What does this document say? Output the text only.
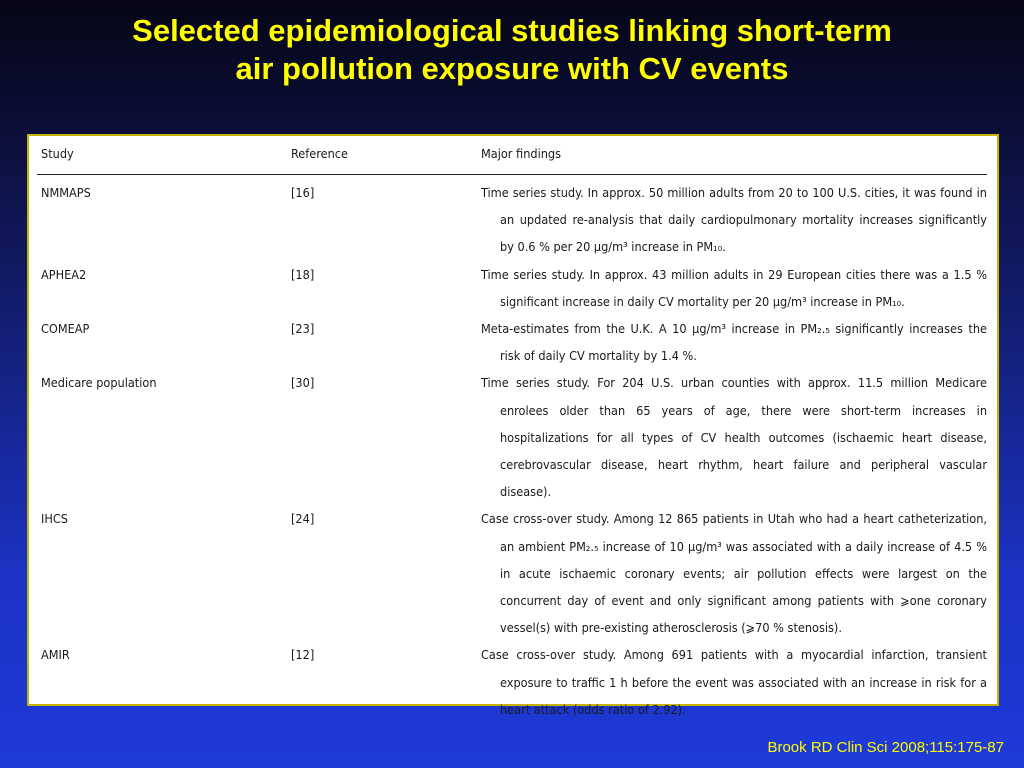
Selected epidemiological studies linking short-term
air pollution exposure with CV events
Study	Reference	Major findings
NMMAPS	[16]	Time series study. In approx. 50 million adults from 20 to 100 U.S. cities, it was found in an updated re-analysis that daily cardiopulmonary mortality increases significantly by 0.6 % per 20 μg/m³ increase in PM₁₀.
APHEA2	[18]	Time series study. In approx. 43 million adults in 29 European cities there was a 1.5 % significant increase in daily CV mortality per 20 μg/m³ increase in PM₁₀.
COMEAP	[23]	Meta-estimates from the U.K. A 10 μg/m³ increase in PM₂.₅ significantly increases the risk of daily CV mortality by 1.4 %.
Medicare population	[30]	Time series study. For 204 U.S. urban counties with approx. 11.5 million Medicare enrolees older than 65 years of age, there were short-term increases in hospitalizations for all types of CV health outcomes (ischaemic heart disease, cerebrovascular disease, heart rhythm, heart failure and peripheral vascular disease).
IHCS	[24]	Case cross-over study. Among 12 865 patients in Utah who had a heart catheterization, an ambient PM₂.₅ increase of 10 μg/m³ was associated with a daily increase of 4.5 % in acute ischaemic coronary events; air pollution effects were largest on the concurrent day of event and only significant among patients with ⩾one coronary vessel(s) with pre-existing atherosclerosis (⩾70 % stenosis).
AMIR	[12]	Case cross-over study. Among 691 patients with a myocardial infarction, transient exposure to traffic 1 h before the event was associated with an increase in risk for a heart attack (odds ratio of 2.92).
Brook RD Clin Sci 2008;115:175-87
